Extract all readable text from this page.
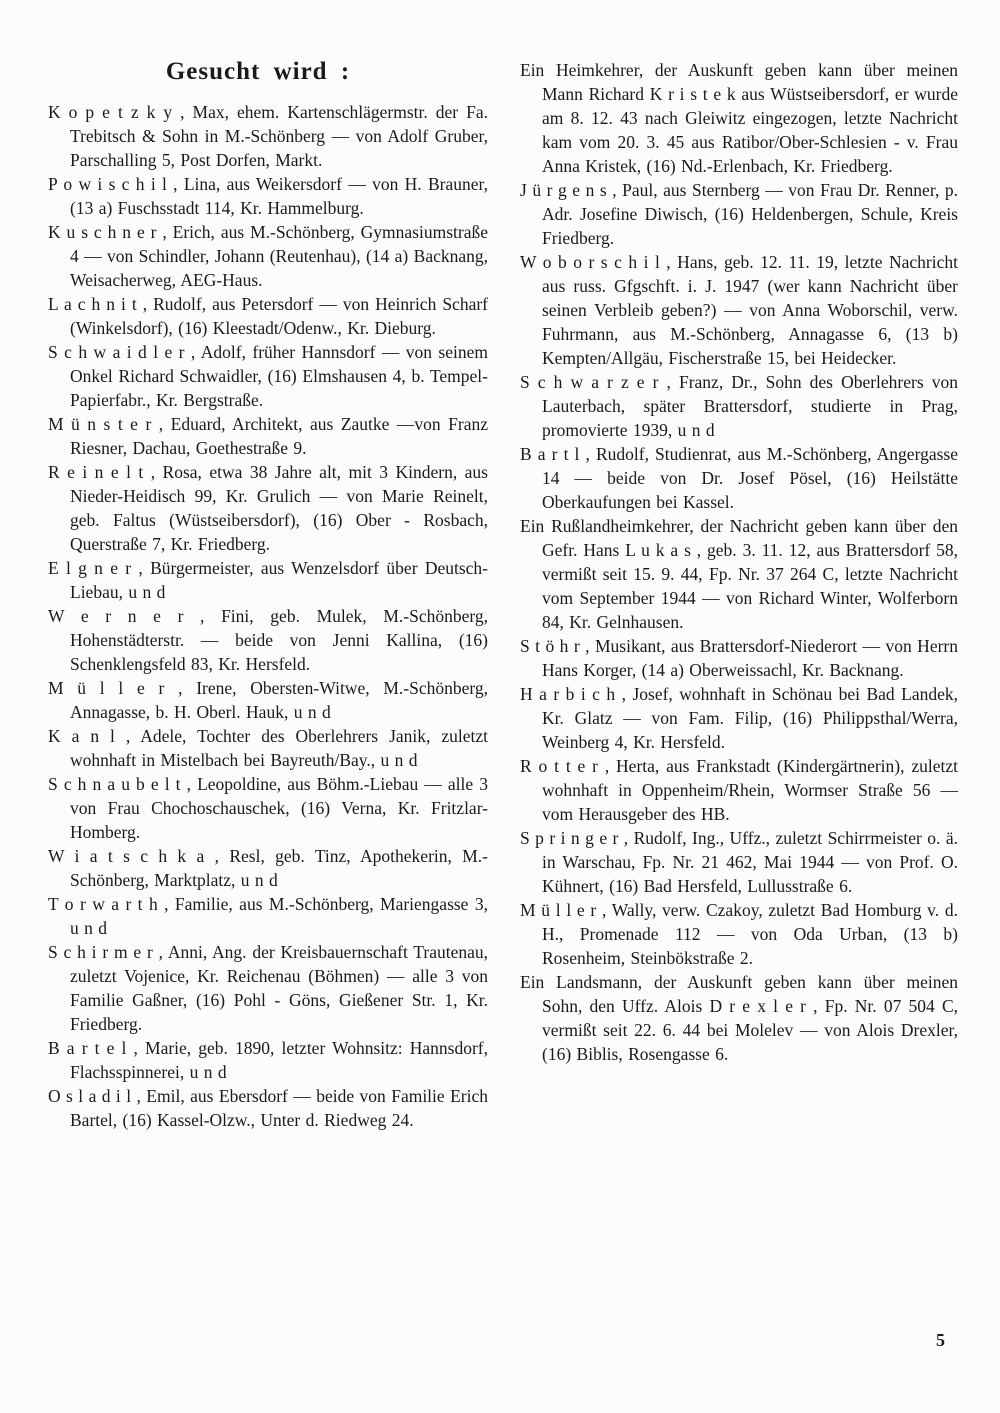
Gesucht wird :

K o p e t z k y , Max, ehem. Kartenschlägermstr. der Fa. Trebitsch & Sohn in M.-Schönberg — von Adolf Gruber, Parschalling 5, Post Dorfen, Markt.

P o w i s c h i l , Lina, aus Weikersdorf — von H. Brauner, (13 a) Fuschsstadt 114, Kr. Hammelburg.

K u s c h n e r , Erich, aus M.-Schönberg, Gymnasiumstraße 4 — von Schindler, Johann (Reutenhau), (14 a) Backnang, Weisacherweg, AEG-Haus.

L a c h n i t , Rudolf, aus Petersdorf — von Heinrich Scharf (Winkelsdorf), (16) Kleestadt/Odenw., Kr. Dieburg.

S c h w a i d l e r , Adolf, früher Hannsdorf — von seinem Onkel Richard Schwaidler, (16) Elmshausen 4, b. Tempel-Papierfabr., Kr. Bergstraße.

M ü n s t e r , Eduard, Architekt, aus Zautke —von Franz Riesner, Dachau, Goethestraße 9.

R e i n e l t , Rosa, etwa 38 Jahre alt, mit 3 Kindern, aus Nieder-Heidisch 99, Kr. Grulich — von Marie Reinelt, geb. Faltus (Wüstseibersdorf), (16) Ober - Rosbach, Querstraße 7, Kr. Friedberg.

E l g n e r , Bürgermeister, aus Wenzelsdorf über Deutsch-Liebau, u n d

W e r n e r , Fini, geb. Mulek, M.-Schönberg, Hohenstädterstr. — beide von Jenni Kallina, (16) Schenklengsfeld 83, Kr. Hersfeld.

M ü l l e r , Irene, Obersten-Witwe, M.-Schönberg, Annagasse, b. H. Oberl. Hauk, u n d

K a n l , Adele, Tochter des Oberlehrers Janik, zuletzt wohnhaft in Mistelbach bei Bayreuth/Bay., u n d

S c h n a u b e l t , Leopoldine, aus Böhm.-Liebau — alle 3 von Frau Chochoschauschek, (16) Verna, Kr. Fritzlar-Homberg.

W i a t s c h k a , Resl, geb. Tinz, Apothekerin, M.-Schönberg, Marktplatz, u n d

T o r w a r t h , Familie, aus M.-Schönberg, Mariengasse 3, u n d

S c h i r m e r , Anni, Ang. der Kreisbauernschaft Trautenau, zuletzt Vojenice, Kr. Reichenau (Böhmen) — alle 3 von Familie Gaßner, (16) Pohl - Göns, Gießener Str. 1, Kr. Friedberg.

B a r t e l , Marie, geb. 1890, letzter Wohnsitz: Hannsdorf, Flachsspinnerei, u n d

O s l a d i l , Emil, aus Ebersdorf — beide von Familie Erich Bartel, (16) Kassel-Olzw., Unter d. Riedweg 24.

Ein Heimkehrer, der Auskunft geben kann über meinen Mann Richard K r i s t e k aus Wüstseibersdorf, er wurde am 8. 12. 43 nach Gleiwitz eingezogen, letzte Nachricht kam vom 20. 3. 45 aus Ratibor/Ober-Schlesien - v. Frau Anna Kristek, (16) Nd.-Erlenbach, Kr. Friedberg.

J ü r g e n s , Paul, aus Sternberg — von Frau Dr. Renner, p. Adr. Josefine Diwisch, (16) Heldenbergen, Schule, Kreis Friedberg.

W o b o r s c h i l , Hans, geb. 12. 11. 19, letzte Nachricht aus russ. Gfgschft. i. J. 1947 (wer kann Nachricht über seinen Verbleib geben?) — von Anna Woborschil, verw. Fuhrmann, aus M.-Schönberg, Annagasse 6, (13 b) Kempten/Allgäu, Fischerstraße 15, bei Heidecker.

S c h w a r z e r , Franz, Dr., Sohn des Oberlehrers von Lauterbach, später Brattersdorf, studierte in Prag, promovierte 1939, u n d

B a r t l , Rudolf, Studienrat, aus M.-Schönberg, Angergasse 14 — beide von Dr. Josef Pösel, (16) Heilstätte Oberkaufungen bei Kassel.

Ein Rußlandheimkehrer, der Nachricht geben kann über den Gefr. Hans L u k a s , geb. 3. 11. 12, aus Brattersdorf 58, vermißt seit 15. 9. 44, Fp. Nr. 37 264 C, letzte Nachricht vom September 1944 — von Richard Winter, Wolferborn 84, Kr. Gelnhausen.

S t ö h r , Musikant, aus Brattersdorf-Niederort — von Herrn Hans Korger, (14 a) Oberweissachl, Kr. Backnang.

H a r b i c h , Josef, wohnhaft in Schönau bei Bad Landek, Kr. Glatz — von Fam. Filip, (16) Philippsthal/Werra, Weinberg 4, Kr. Hersfeld.

R o t t e r , Herta, aus Frankstadt (Kindergärtnerin), zuletzt wohnhaft in Oppenheim/Rhein, Wormser Straße 56 — vom Herausgeber des HB.

S p r i n g e r , Rudolf, Ing., Uffz., zuletzt Schirrmeister o. ä. in Warschau, Fp. Nr. 21 462, Mai 1944 — von Prof. O. Kühnert, (16) Bad Hersfeld, Lullusstraße 6.

M ü l l e r , Wally, verw. Czakoy, zuletzt Bad Homburg v. d. H., Promenade 112 — von Oda Urban, (13 b) Rosenheim, Steinbökstraße 2.

Ein Landsmann, der Auskunft geben kann über meinen Sohn, den Uffz. Alois D r e x l e r , Fp. Nr. 07 504 C, vermißt seit 22. 6. 44 bei Molelev — von Alois Drexler, (16) Biblis, Rosengasse 6.

5
